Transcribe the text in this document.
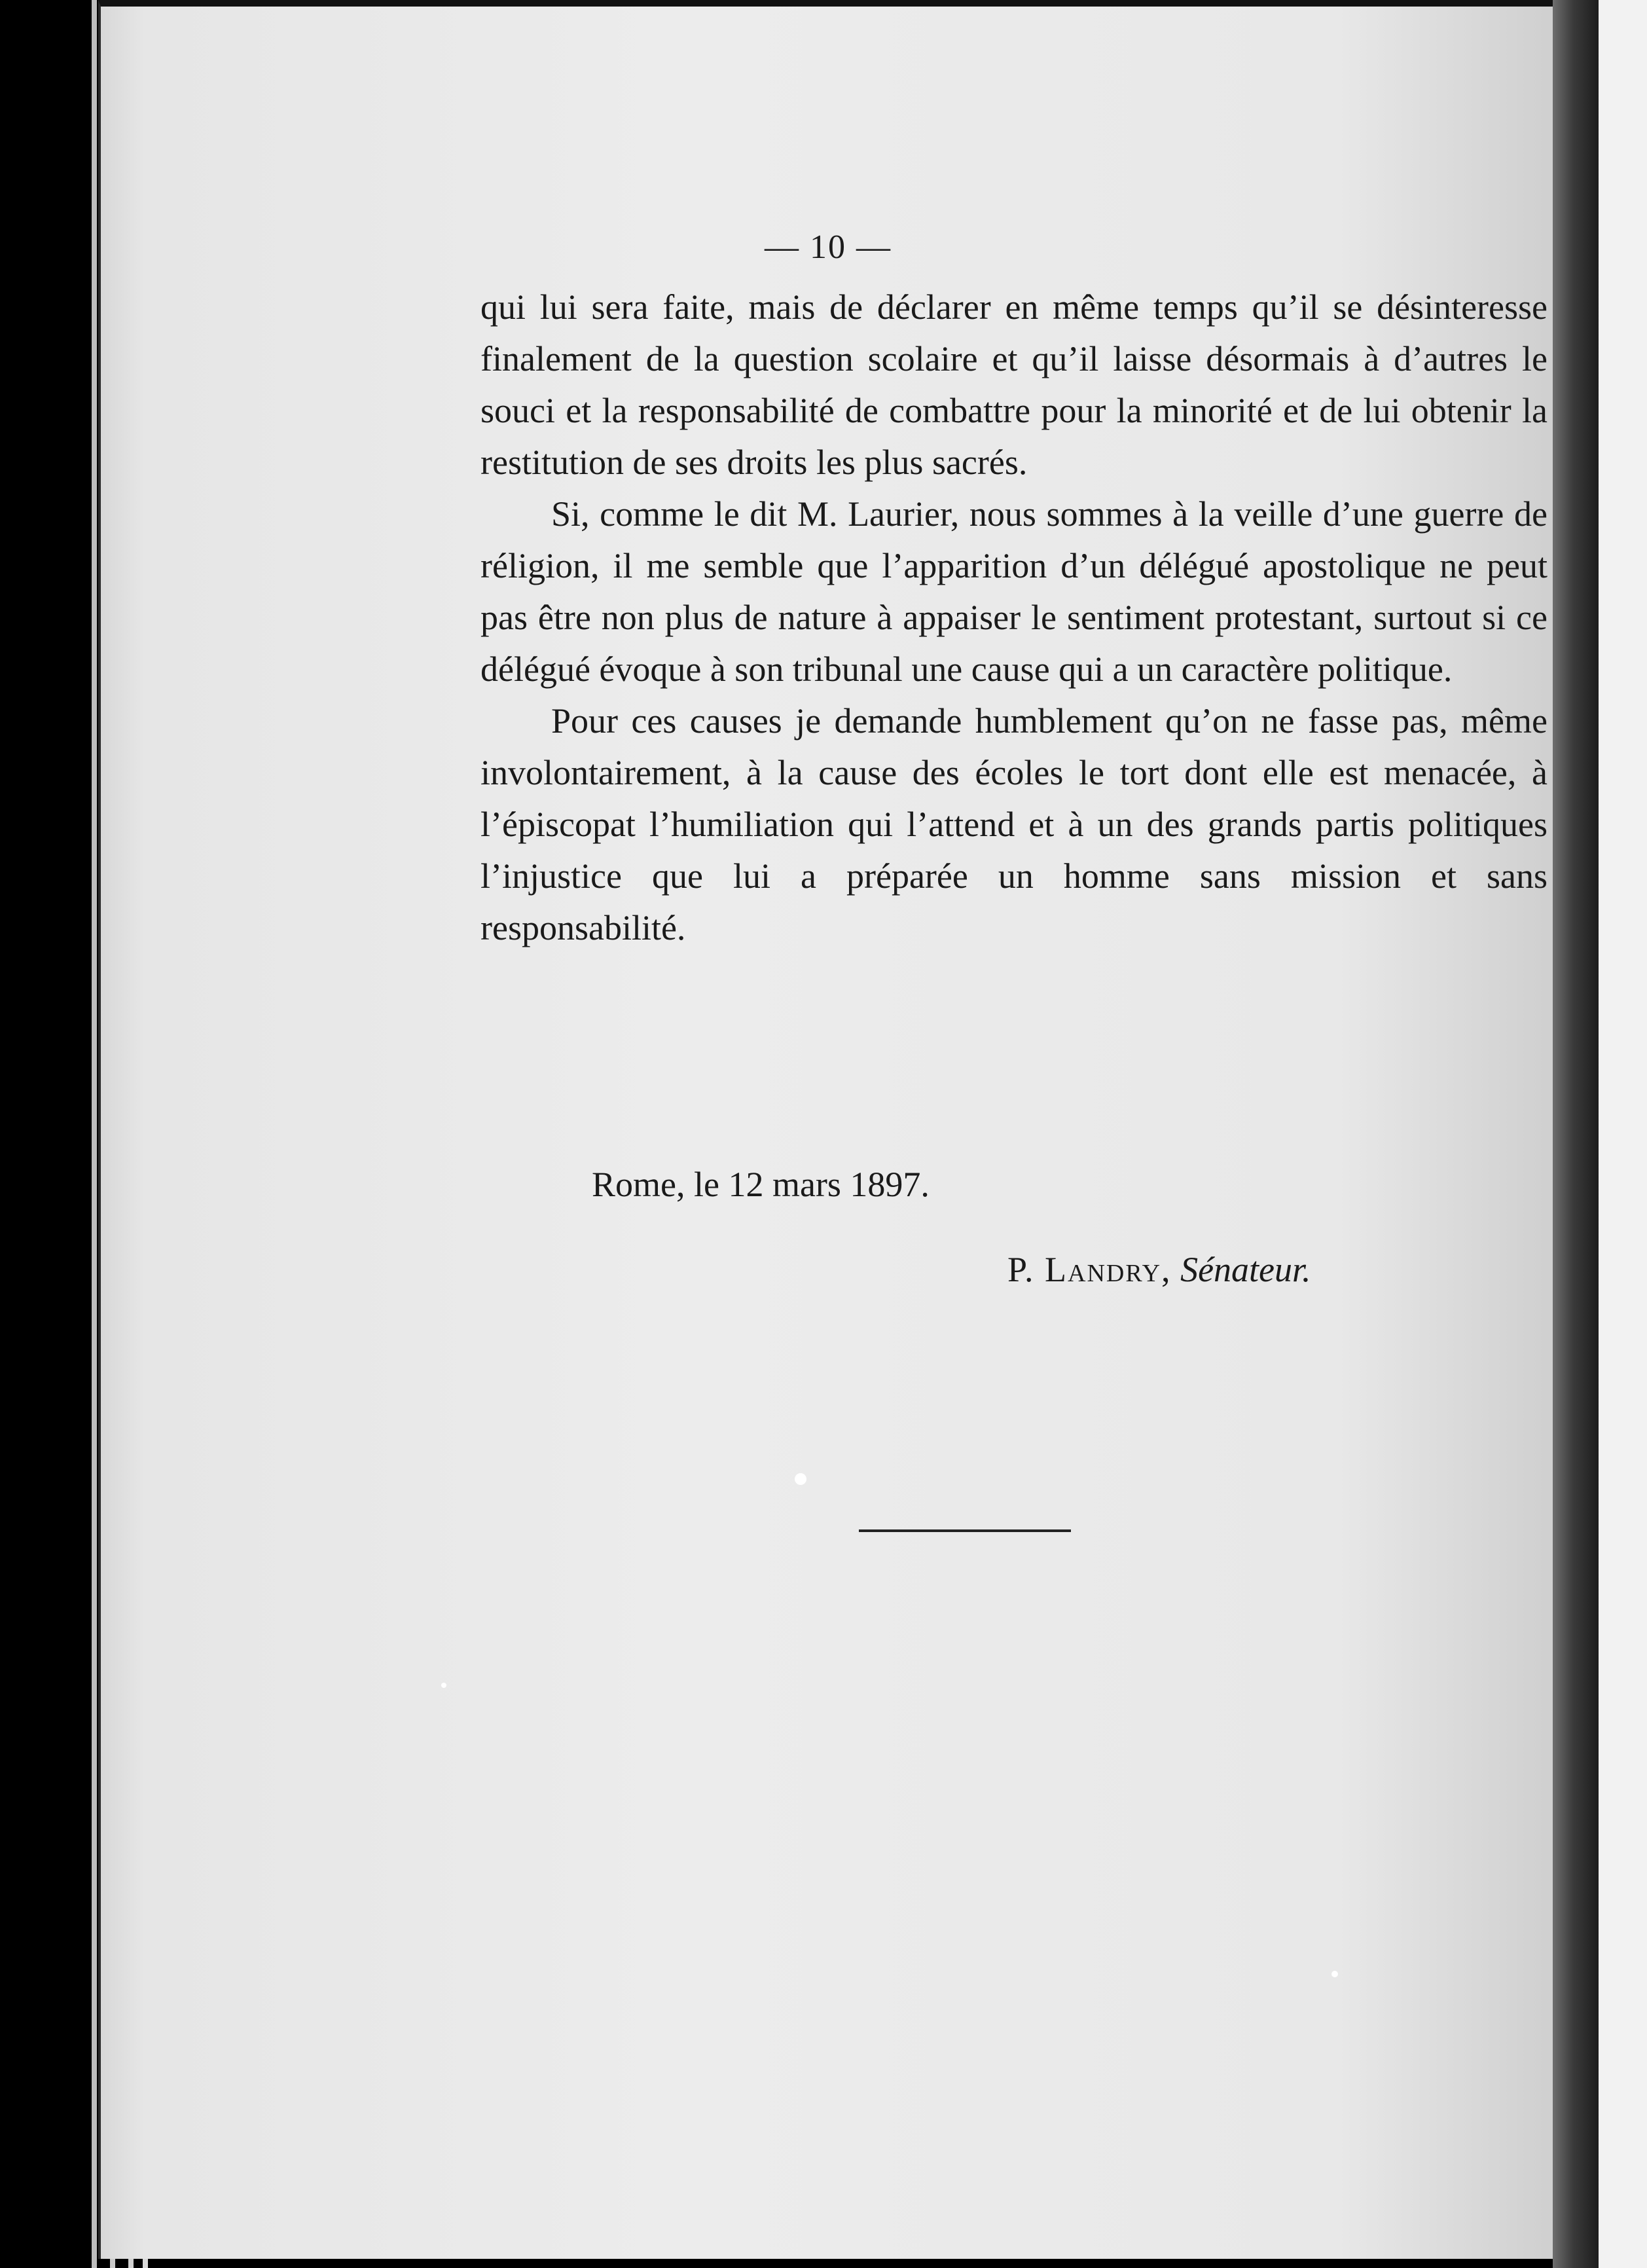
— 10 —

qui lui sera faite, mais de déclarer en même temps qu’il se désinteresse finalement de la question scolaire et qu’il laisse désormais à d’autres le souci et la responsabilité de combattre pour la minorité et de lui obtenir la restitution de ses droits les plus sacrés.

Si, comme le dit M. Laurier, nous sommes à la veille d’une guerre de réligion, il me semble que l’apparition d’un délégué apostolique ne peut pas être non plus de nature à appaiser le sentiment protestant, surtout si ce délégué évoque à son tribunal une cause qui a un caractère politique.

Pour ces causes je demande humblement qu’on ne fasse pas, même involontairement, à la cause des écoles le tort dont elle est menacée, à l’épiscopat l’humiliation qui l’attend et à un des grands partis politiques l’injustice que lui a préparée un homme sans mission et sans responsabilité.

Rome, le 12 mars 1897.
P. Landry, Sénateur.
